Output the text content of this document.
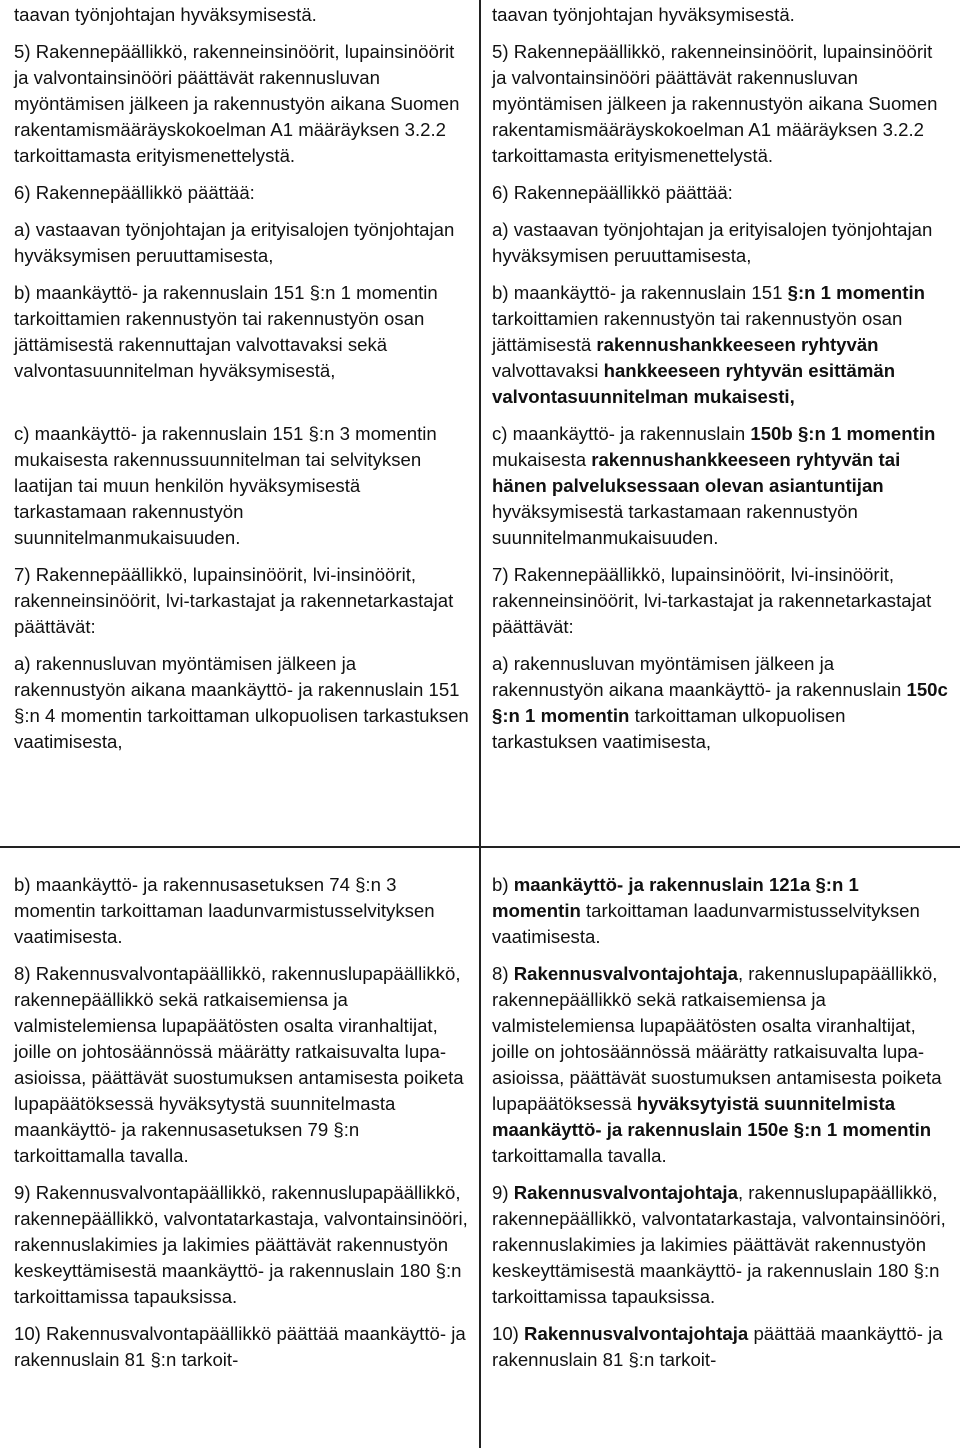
taavan työnjohtajan hyväksymisestä.

5) Rakennepäällikkö, rakenneinsinöörit, lupainsinöörit ja valvontainsinööri päättävät rakennusluvan myöntämisen jälkeen ja rakennustyön aikana Suomen rakentamismääräyskokoelman A1 määräyksen 3.2.2 tarkoittamasta erityismenettelystä.

6) Rakennepäällikkö päättää:

a) vastaavan työnjohtajan ja erityisalojen työnjohtajan hyväksymisen peruuttamisesta,

b) maankäyttö- ja rakennuslain 151 §:n 1 momentin tarkoittamien rakennustyön tai rakennustyön osan jättämisestä rakennuttajan valvottavaksi sekä valvontasuunnitelman hyväksymisestä,

c) maankäyttö- ja rakennuslain 151 §:n 3 momentin mukaisesta rakennussuunnitelman tai selvityksen laatijan tai muun henkilön hyväksymisestä tarkastamaan rakennustyön suunnitelmanmukaisuuden.

7) Rakennepäällikkö, lupainsinöörit, lvi-insinöörit, rakenneinsinöörit, lvi-tarkastajat ja rakennetarkastajat päättävät:

a) rakennusluvan myöntämisen jälkeen ja rakennustyön aikana maankäyttö- ja rakennuslain 151 §:n 4 momentin tarkoittaman ulkopuolisen tarkastuksen vaatimisesta,

taavan työnjohtajan hyväksymisestä.

5) Rakennepäällikkö, rakenneinsinöörit, lupainsinöörit ja valvontainsinööri päättävät rakennusluvan myöntämisen jälkeen ja rakennustyön aikana Suomen rakentamismääräyskokoelman A1 määräyksen 3.2.2 tarkoittamasta erityismenettelystä.

6) Rakennepäällikkö päättää:

a) vastaavan työnjohtajan ja erityisalojen työnjohtajan hyväksymisen peruuttamisesta,

b) maankäyttö- ja rakennuslain 151 §:n 1 momentin tarkoittamien rakennustyön tai rakennustyön osan jättämisestä rakennushankkeeseen ryhtyvän valvottavaksi hankkeeseen ryhtyvän esittämän valvontasuunnitelman mukaisesti,

c) maankäyttö- ja rakennuslain 150b §:n 1 momentin mukaisesta rakennushankkeeseen ryhtyvän tai hänen palveluksessaan olevan asiantuntijan hyväksymisestä tarkastamaan rakennustyön suunnitelmanmukaisuuden.

7) Rakennepäällikkö, lupainsinöörit, lvi-insinöörit, rakenneinsinöörit, lvi-tarkastajat ja rakennetarkastajat päättävät:

a) rakennusluvan myöntämisen jälkeen ja rakennustyön aikana maankäyttö- ja rakennuslain 150c §:n 1 momentin tarkoittaman ulkopuolisen tarkastuksen vaatimisesta,

b) maankäyttö- ja rakennusasetuksen 74 §:n 3 momentin tarkoittaman laadunvarmistusselvityksen vaatimisesta.

8) Rakennusvalvontapäällikkö, rakennuslupapäällikkö, rakennepäällikkö sekä ratkaisemiensa ja valmistelemiensa lupapäätösten osalta viranhaltijat, joille on johtosäännössä määrätty ratkaisuvalta lupa-asioissa, päättävät suostumuksen antamisesta poiketa lupapäätöksessä hyväksytystä suunnitelmasta maankäyttö- ja rakennusasetuksen 79 §:n tarkoittamalla tavalla.

9) Rakennusvalvontapäällikkö, rakennuslupapäällikkö, rakennepäällikkö, valvontatarkastaja, valvontainsinööri, rakennuslakimies ja lakimies päättävät rakennustyön keskeyttämisestä maankäyttö- ja rakennuslain 180 §:n tarkoittamissa tapauksissa.

10) Rakennusvalvontapäällikkö päättää maankäyttö- ja rakennuslain 81 §:n tarkoit-

b) maankäyttö- ja rakennuslain 121a §:n 1 momentin tarkoittaman laadunvarmistusselvityksen vaatimisesta.

8) Rakennusvalvontajohtaja, rakennuslupapäällikkö, rakennepäällikkö sekä ratkaisemiensa ja valmistelemiensa lupapäätösten osalta viranhaltijat, joille on johtosäännössä määrätty ratkaisuvalta lupa-asioissa, päättävät suostumuksen antamisesta poiketa lupapäätöksessä hyväksytyistä suunnitelmista maankäyttö- ja rakennuslain 150e §:n 1 momentin tarkoittamalla tavalla.

9) Rakennusvalvontajohtaja, rakennuslupapäällikkö, rakennepäällikkö, valvontatarkastaja, valvontainsinööri, rakennuslakimies ja lakimies päättävät rakennustyön keskeyttämisestä maankäyttö- ja rakennuslain 180 §:n tarkoittamissa tapauksissa.

10) Rakennusvalvontajohtaja päättää maankäyttö- ja rakennuslain 81 §:n tarkoit-
